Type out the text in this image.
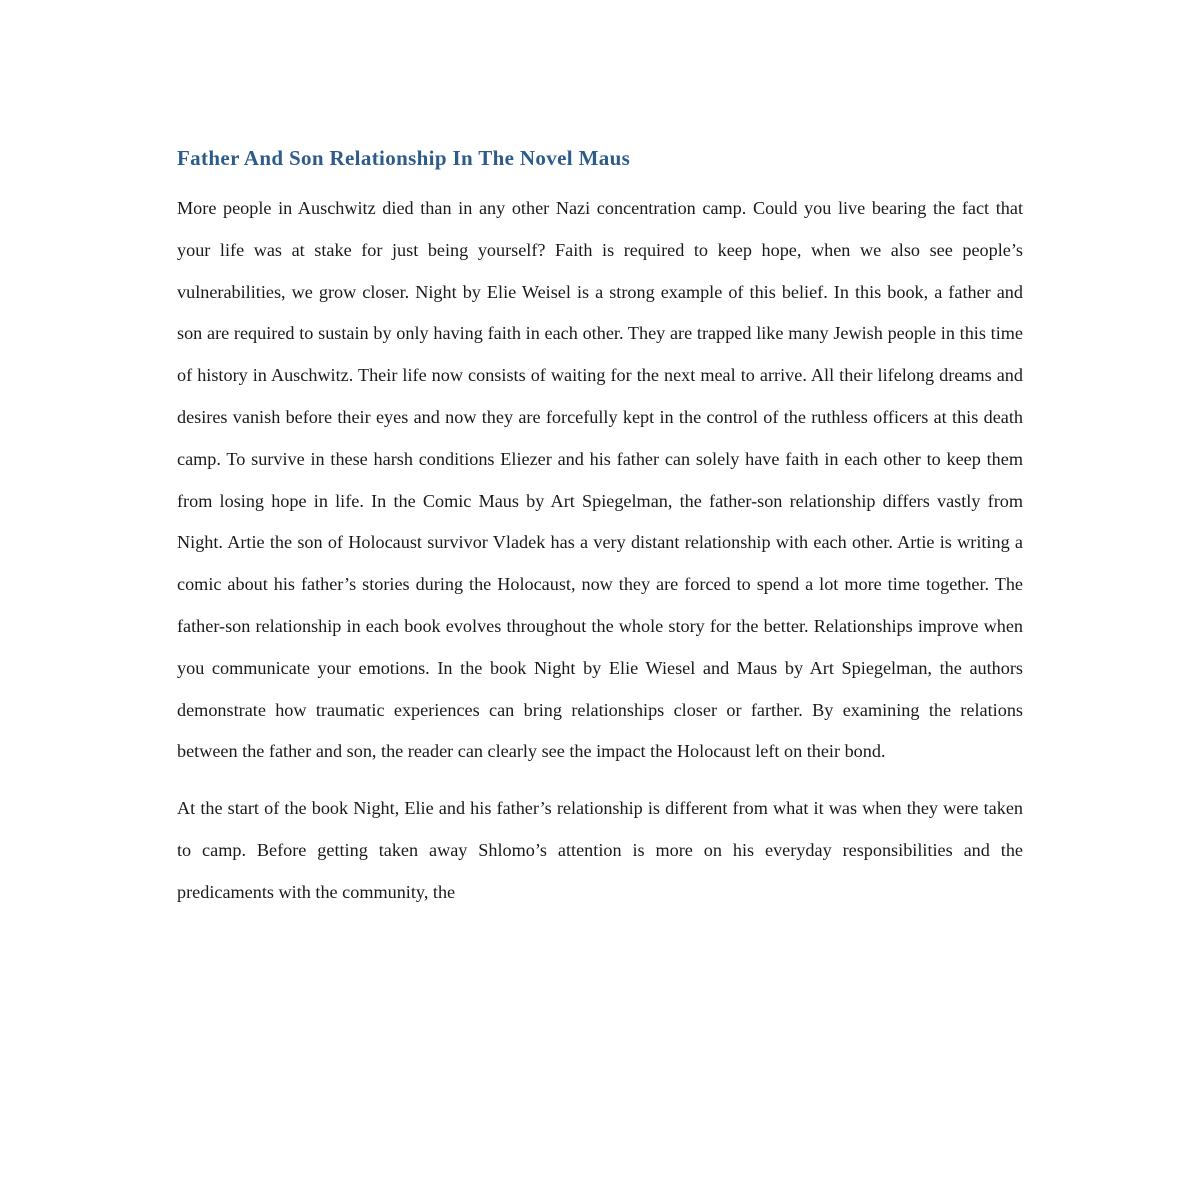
Father And Son Relationship In The Novel Maus

More people in Auschwitz died than in any other Nazi concentration camp. Could you live bearing the fact that your life was at stake for just being yourself? Faith is required to keep hope, when we also see people’s vulnerabilities, we grow closer. Night by Elie Weisel is a strong example of this belief. In this book, a father and son are required to sustain by only having faith in each other. They are trapped like many Jewish people in this time of history in Auschwitz. Their life now consists of waiting for the next meal to arrive. All their lifelong dreams and desires vanish before their eyes and now they are forcefully kept in the control of the ruthless officers at this death camp. To survive in these harsh conditions Eliezer and his father can solely have faith in each other to keep them from losing hope in life. In the Comic Maus by Art Spiegelman, the father-son relationship differs vastly from Night. Artie the son of Holocaust survivor Vladek has a very distant relationship with each other. Artie is writing a comic about his father’s stories during the Holocaust, now they are forced to spend a lot more time together. The father-son relationship in each book evolves throughout the whole story for the better. Relationships improve when you communicate your emotions. In the book Night by Elie Wiesel and Maus by Art Spiegelman, the authors demonstrate how traumatic experiences can bring relationships closer or farther. By examining the relations between the father and son, the reader can clearly see the impact the Holocaust left on their bond.

At the start of the book Night, Elie and his father’s relationship is different from what it was when they were taken to camp. Before getting taken away Shlomo’s attention is more on his everyday responsibilities and the predicaments with the community, the
